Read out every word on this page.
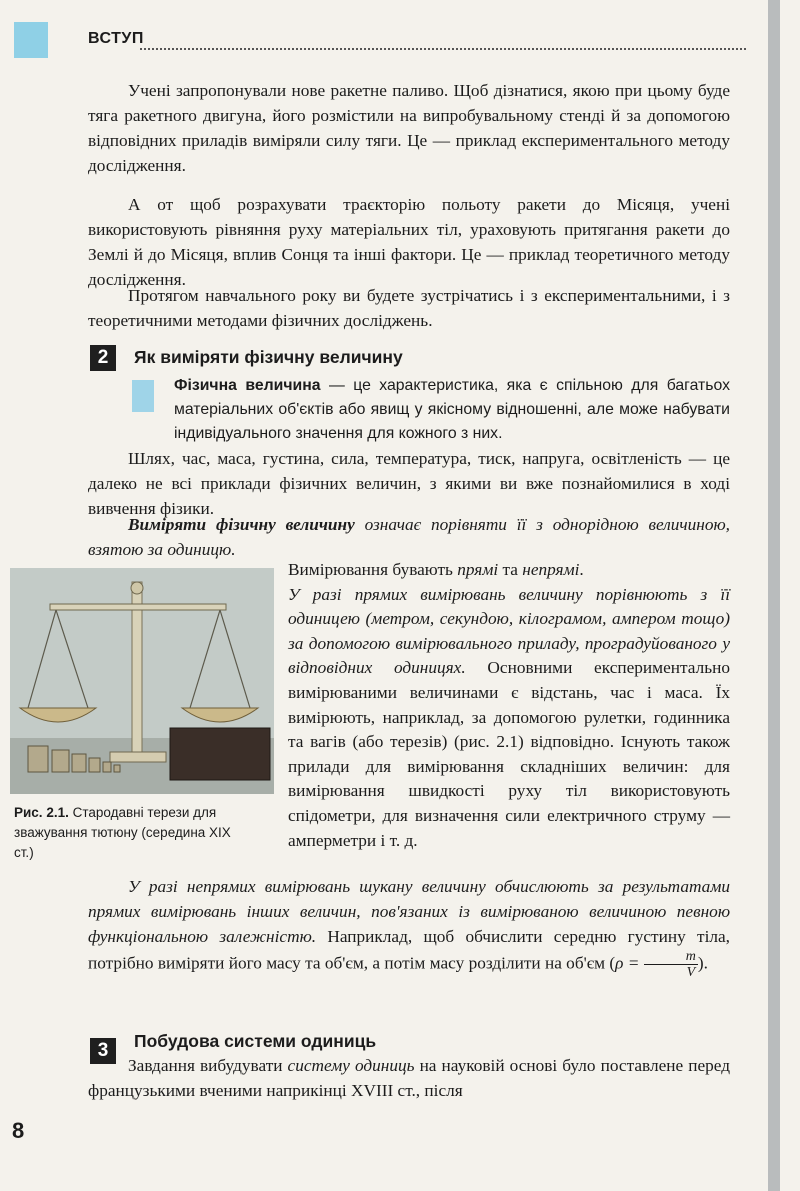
ВСТУП

Учені запропонували нове ракетне паливо. Щоб дізнатися, якою при цьому буде тяга ракетного двигуна, його розмістили на випробувальному стенді й за допомогою відповідних приладів виміряли силу тяги. Це — приклад експериментального методу дослідження.

А от щоб розрахувати траєкторію польоту ракети до Місяця, учені використовують рівняння руху матеріальних тіл, ураховують притягання ракети до Землі й до Місяця, вплив Сонця та інші фактори. Це — приклад теоретичного методу дослідження.

Протягом навчального року ви будете зустрічатись і з експериментальними, і з теоретичними методами фізичних досліджень.

2	Як виміряти фізичну величину

Фізична величина — це характеристика, яка є спільною для багатьох матеріальних об'єктів або явищ у якісному відношенні, але може набувати індивідуального значення для кожного з них.

Шлях, час, маса, густина, сила, температура, тиск, напруга, освітленість — це далеко не всі приклади фізичних величин, з якими ви вже познайомилися в ході вивчення фізики.

Виміряти фізичну величину означає порівняти її з однорідною величиною, взятою за одиницю.

Рис. 2.1. Стародавні терези для зважування тютюну (середина XIX ст.)

Вимірювання бувають прямі та непрямі.
У разі прямих вимірювань величину порівнюють з її одиницею (метром, секундою, кілограмом, ампером тощо) за допомогою вимірювального приладу, проградуйованого у відповідних одиницях. Основними експериментально вимірюваними величинами є відстань, час і маса. Їх вимірюють, наприклад, за допомогою рулетки, годинника та вагів (або терезів) (рис. 2.1) відповідно. Існують також прилади для вимірювання складніших величин: для вимірювання швидкості руху тіл використовують спідометри, для визначення сили електричного струму — амперметри і т. д.

У разі непрямих вимірювань шукану величину обчислюють за результатами прямих вимірювань інших величин, пов'язаних із вимірюваною величиною певною функціональною залежністю. Наприклад, щоб обчислити середню густину тіла, потрібно виміряти його масу та об'єм, а потім масу розділити на об'єм ($\rho = \frac{m}{V}$ ).

3	Побудова системи одиниць

Завдання вибудувати систему одиниць на науковій основі було поставлене перед французькими вченими наприкінці XVIII ст., після

8
